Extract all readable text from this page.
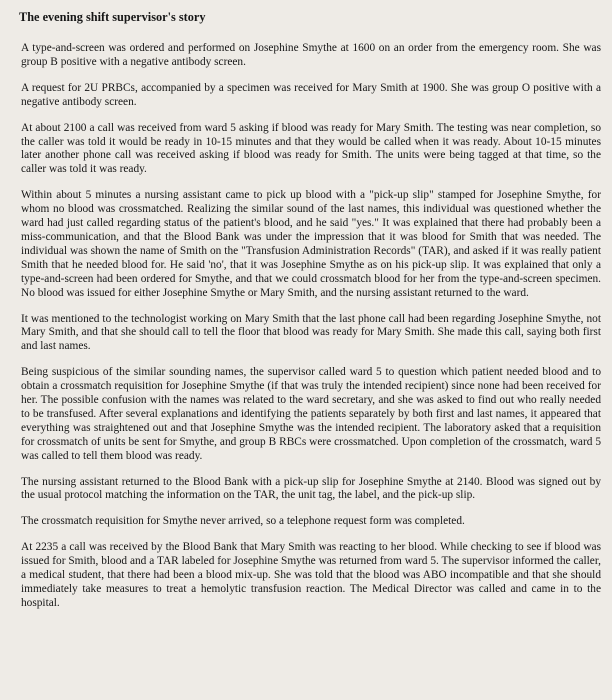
The evening shift supervisor's story

A type-and-screen was ordered and performed on Josephine Smythe at 1600 on an order from the emergency room. She was group B positive with a negative antibody screen.

A request for 2U PRBCs, accompanied by a specimen was received for Mary Smith at 1900. She was group O positive with a negative antibody screen.

At about 2100 a call was received from ward 5 asking if blood was ready for Mary Smith. The testing was near completion, so the caller was told it would be ready in 10-15 minutes and that they would be called when it was ready. About 10-15 minutes later another phone call was received asking if blood was ready for Smith. The units were being tagged at that time, so the caller was told it was ready.

Within about 5 minutes a nursing assistant came to pick up blood with a "pick-up slip" stamped for Josephine Smythe, for whom no blood was crossmatched. Realizing the similar sound of the last names, this individual was questioned whether the ward had just called regarding status of the patient's blood, and he said "yes." It was explained that there had probably been a miss-communication, and that the Blood Bank was under the impression that it was blood for Smith that was needed. The individual was shown the name of Smith on the "Transfusion Administration Records" (TAR), and asked if it was really patient Smith that he needed blood for. He said 'no', that it was Josephine Smythe as on his pick-up slip. It was explained that only a type-and-screen had been ordered for Smythe, and that we could crossmatch blood for her from the type-and-screen specimen. No blood was issued for either Josephine Smythe or Mary Smith, and the nursing assistant returned to the ward.

It was mentioned to the technologist working on Mary Smith that the last phone call had been regarding Josephine Smythe, not Mary Smith, and that she should call to tell the floor that blood was ready for Mary Smith. She made this call, saying both first and last names.

Being suspicious of the similar sounding names, the supervisor called ward 5 to question which patient needed blood and to obtain a crossmatch requisition for Josephine Smythe (if that was truly the intended recipient) since none had been received for her. The possible confusion with the names was related to the ward secretary, and she was asked to find out who really needed to be transfused. After several explanations and identifying the patients separately by both first and last names, it appeared that everything was straightened out and that Josephine Smythe was the intended recipient. The laboratory asked that a requisition for crossmatch of units be sent for Smythe, and group B RBCs were crossmatched. Upon completion of the crossmatch, ward 5 was called to tell them blood was ready.

The nursing assistant returned to the Blood Bank with a pick-up slip for Josephine Smythe at 2140. Blood was signed out by the usual protocol matching the information on the TAR, the unit tag, the label, and the pick-up slip.

The crossmatch requisition for Smythe never arrived, so a telephone request form was completed.

At 2235 a call was received by the Blood Bank that Mary Smith was reacting to her blood. While checking to see if blood was issued for Smith, blood and a TAR labeled for Josephine Smythe was returned from ward 5. The supervisor informed the caller, a medical student, that there had been a blood mix-up. She was told that the blood was ABO incompatible and that she should immediately take measures to treat a hemolytic transfusion reaction. The Medical Director was called and came in to the hospital.
